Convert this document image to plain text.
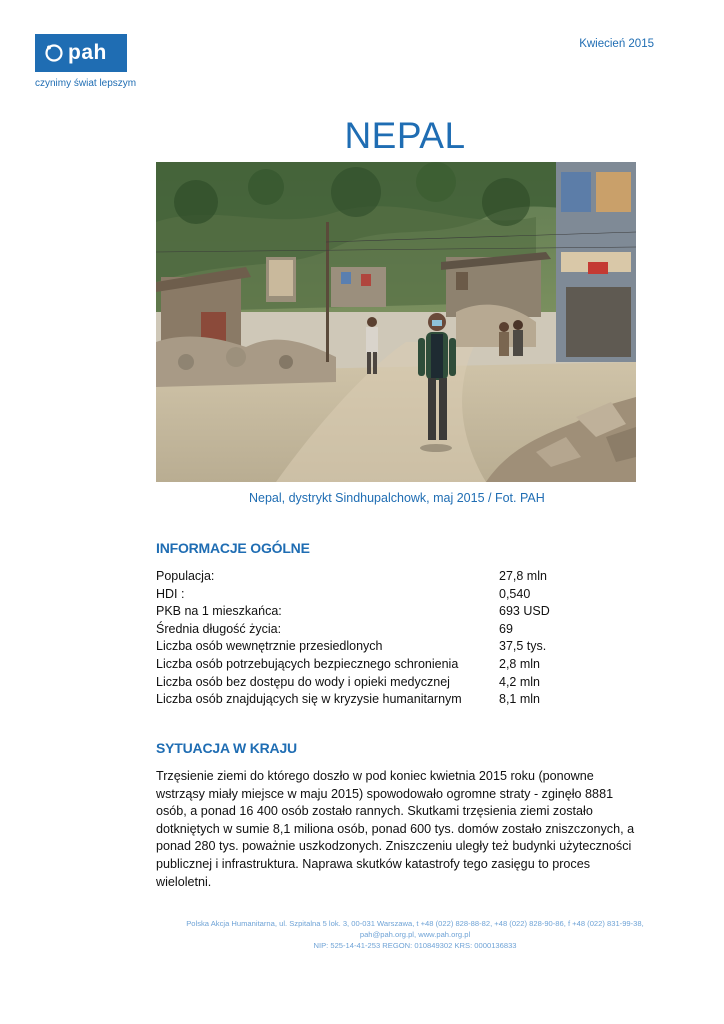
pah
czynimy świat lepszym
Kwiecień 2015
NEPAL
Nepal, dystrykt Sindhupalchowk, maj 2015 / Fot. PAH
INFORMACJE OGÓLNE
Populacja:	27,8 mln
HDI :	0,540
PKB na 1 mieszkańca:	693 USD
Średnia długość życia:	69
Liczba osób wewnętrznie przesiedlonych	37,5 tys.
Liczba osób potrzebujących bezpiecznego schronienia	2,8 mln
Liczba osób bez dostępu do wody i opieki medycznej	4,2 mln
Liczba osób znajdujących się w kryzysie humanitarnym	8,1 mln
SYTUACJA W KRAJU

Trzęsienie ziemi do którego doszło w pod koniec kwietnia 2015 roku (ponowne

wstrząsy miały miejsce w maju 2015) spowodowało ogromne straty - zginęło 8881

osób, a ponad 16 400 osób zostało rannych. Skutkami trzęsienia ziemi zostało

dotkniętych w sumie 8,1 miliona osób, ponad 600 tys. domów zostało zniszczonych, a

ponad 280 tys. poważnie uszkodzonych. Zniszczeniu uległy też budynki użyteczności

publicznej i infrastruktura. Naprawa skutków katastrofy tego zasięgu to proces

wieloletni.

Polska Akcja Humanitarna, ul. Szpitalna 5 lok. 3, 00-031 Warszawa, t +48 (022) 828-88-82, +48 (022) 828-90-86, f +48 (022) 831-99-38,
pah@pah.org.pl, www.pah.org.pl
NIP: 525-14-41-253 REGON: 010849302 KRS: 0000136833
